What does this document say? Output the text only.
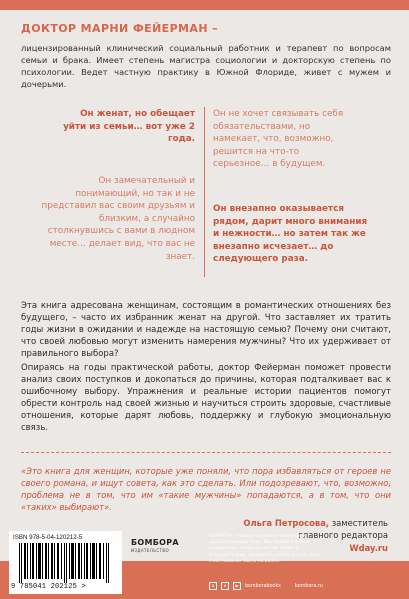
ДОКТОР МАРНИ ФЕЙЕРМАН –
лицензированный клинический социальный работник и терапевт по вопросам семьи и брака. Имеет степень магистра социологии и докторскую степень по психологии. Ведет частную практику в Южной Флориде, живет с мужем и дочерьми.
Он женат, но обещает уйти из семьи… вот уже 2 года.
Он замечательный и понимающий, но так и не представил вас своим друзьям и близким, а случайно столкнувшись с вами в людном месте… делает вид, что вас не знает.
Он не хочет связывать себя обязательствами, но намекает, что, возможно, решится на что-то серьезное… в будущем.
Он внезапно оказывается рядом, дарит много внимания и нежности… но затем так же внезапно исчезает… до следующего раза.
Эта книга адресована женщинам, состоящим в романтических отношениях без будущего, – часто их избранник женат на другой. Что заставляет их тратить годы жизни в ожидании и надежде на настоящую семью? Почему они считают, что своей любовью могут изменить намерения мужчины? Что их удерживает от правильного выбора?
Опираясь на годы практической работы, доктор Фейерман поможет провести анализ своих поступков и докопаться до причины, которая подталкивает вас к ошибочному выбору. Упражнения и реальные истории пациентов помогут обрести контроль над своей жизнью и научиться строить здоровые, счастливые отношения, которые дарят любовь, поддержку и глубокую эмоциональную связь.
«Это книга для женщин, которые уже поняли, что пора избавляться от героев не своего романа, и ищут совета, как это сделать. Или подозревают, что, возможно, проблема не в том, что им «такие мужчины» попадаются, а в том, что они «таких» выбирают».
Ольга Петросова, заместитель
главного редактора
Wday.ru
ISBN 978-5-04-120212-5
9 785041 202125 >
БОМБОРА
ИЗДАТЕЛЬСТВО
БОМБОРА – лидер на рынке полезных и вдохновляющих книг. Мы любим книги и создаем их, чтобы вы могли творить, открывать мир, пробовать новое, расти. Быть счастливыми. Быть на волне.
в	о	▶	bomborabooks	bombora.ru
